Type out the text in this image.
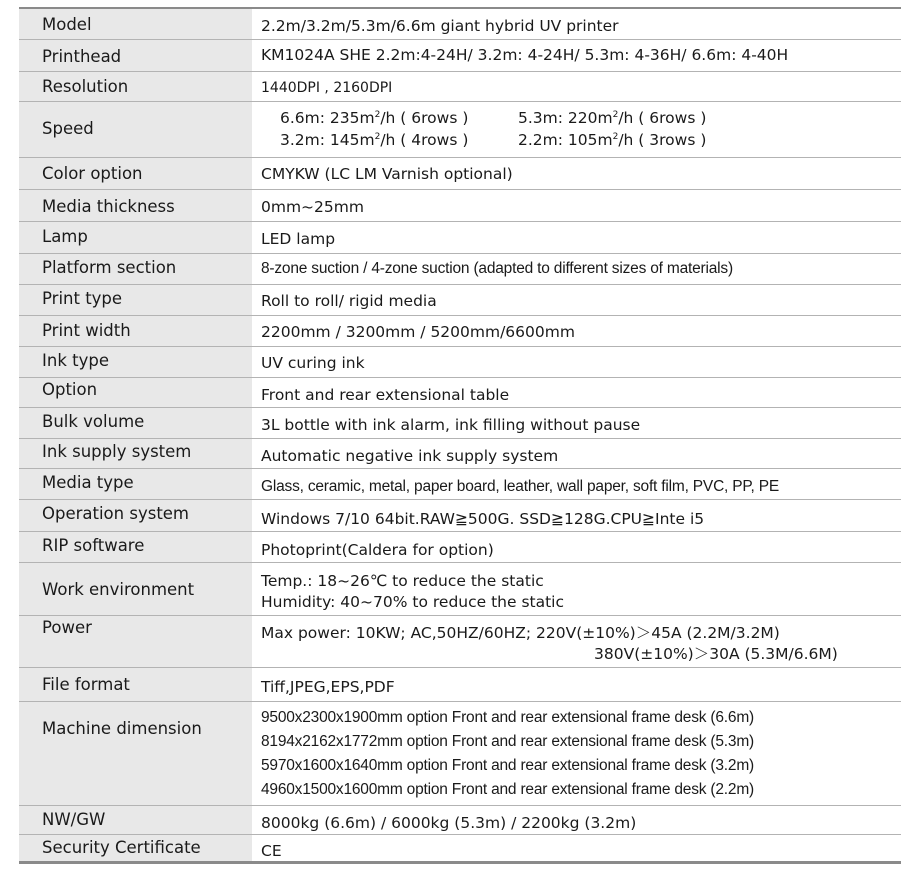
Model
Printhead
Resolution
Speed
Color option
Media thickness
Lamp
Platform section
Print type
Print width
Ink type
Option
Bulk volume
Ink supply system
Media type
Operation system
RIP software
Work environment
Power
File format
Machine dimension
NW/GW
Security Certificate
2.2m/3.2m/5.3m/6.6m giant hybrid UV printer
KM1024A SHE 2.2m:4-24H/ 3.2m: 4-24H/ 5.3m: 4-36H/ 6.6m: 4-40H
1440DPI , 2160DPI
6.6m: $235m^2/h$ ( 6rows )	5.3m: $220m^2/h$ ( 6rows )
3.2m: $145m^2/h$ ( 4rows )	2.2m: $105m^2/h$ ( 3rows )
CMYKW (LC LM Varnish optional)
0mm~25mm
LED lamp
8-zone suction / 4-zone suction (adapted to different sizes of materials)
Roll to roll/ rigid media
2200mm / 3200mm / 5200mm/6600mm
UV curing ink
Front and rear extensional table
3L bottle with ink alarm, ink filling without pause
Automatic negative ink supply system
Glass, ceramic, metal, paper board, leather, wall paper, soft film, PVC, PP, PE
Windows 7/10 64bit.RAW≧500G. SSD≧128G.CPU≧Inte i5
Photoprint(Caldera for option)
Temp.: 18~26℃ to reduce the static
Humidity: 40~70% to reduce the static
Max power: 10KW; AC,50HZ/60HZ; 220V(±10%)＞45A (2.2M/3.2M)
380V(±10%)＞30A (5.3M/6.6M)
Tiff,JPEG,EPS,PDF
9500x2300x1900mm option Front and rear extensional frame desk (6.6m)
8194x2162x1772mm option Front and rear extensional frame desk (5.3m)
5970x1600x1640mm option Front and rear extensional frame desk (3.2m)
4960x1500x1600mm option Front and rear extensional frame desk (2.2m)
8000kg (6.6m) / 6000kg (5.3m) / 2200kg (3.2m)
CE
